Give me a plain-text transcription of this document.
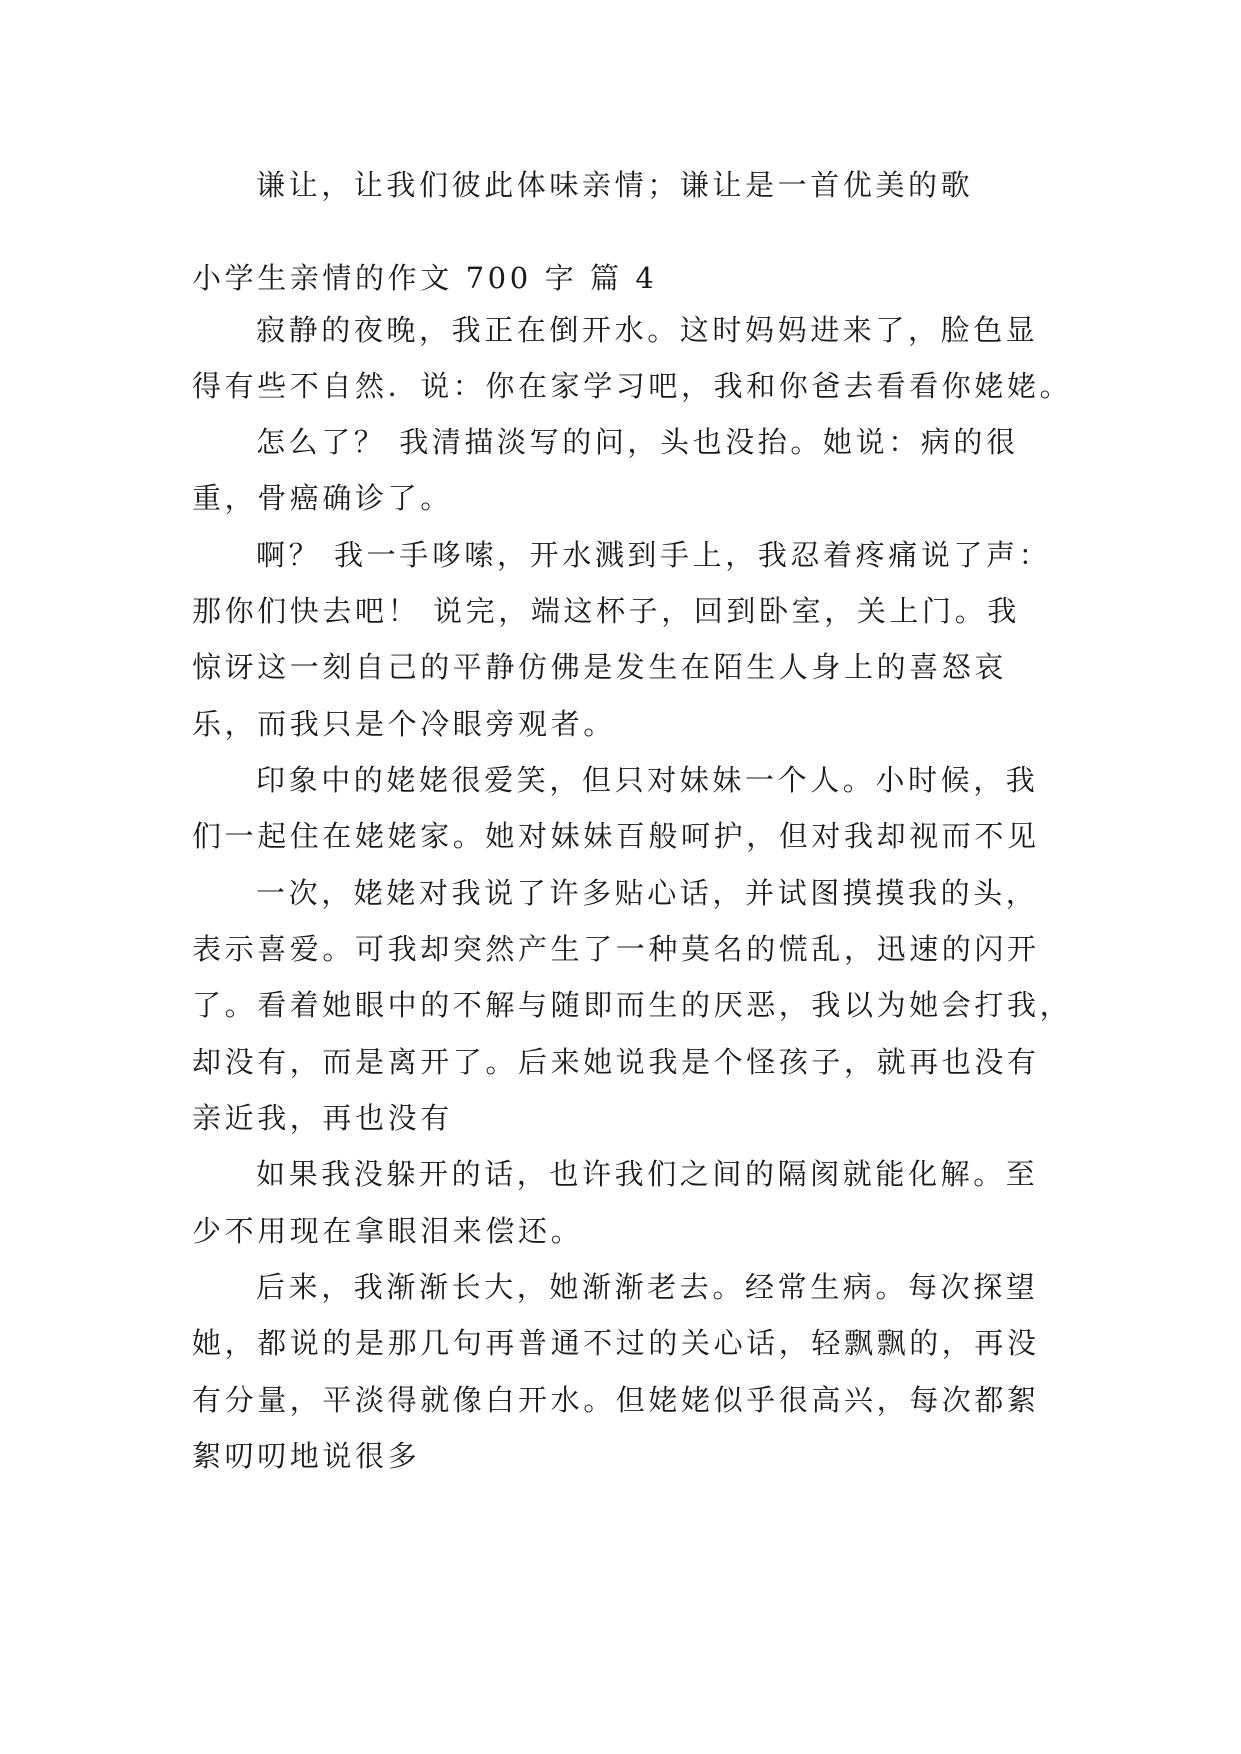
谦让，让我们彼此体味亲情；谦让是一首优美的歌
小学生亲情的作文 700 字 篇 4
寂静的夜晚，我正在倒开水。这时妈妈进来了，脸色显
得有些不自然．说：你在家学习吧，我和你爸去看看你姥姥。
怎么了？ 我清描淡写的问，头也没抬。她说：病的很
重，骨癌确诊了。
啊？ 我一手哆嗦，开水溅到手上，我忍着疼痛说了声：
那你们快去吧！ 说完，端这杯子，回到卧室，关上门。我
惊讶这一刻自己的平静仿佛是发生在陌生人身上的喜怒哀
乐，而我只是个冷眼旁观者。
印象中的姥姥很爱笑，但只对妹妹一个人。小时候，我
们一起住在姥姥家。她对妹妹百般呵护，但对我却视而不见
一次，姥姥对我说了许多贴心话，并试图摸摸我的头，
表示喜爱。可我却突然产生了一种莫名的慌乱，迅速的闪开
了。看着她眼中的不解与随即而生的厌恶，我以为她会打我，
却没有，而是离开了。后来她说我是个怪孩子，就再也没有
亲近我，再也没有
如果我没躲开的话，也许我们之间的隔阂就能化解。至
少不用现在拿眼泪来偿还。
后来，我渐渐长大，她渐渐老去。经常生病。每次探望
她，都说的是那几句再普通不过的关心话，轻飘飘的，再没
有分量，平淡得就像白开水。但姥姥似乎很高兴，每次都絮
絮叨叨地说很多
